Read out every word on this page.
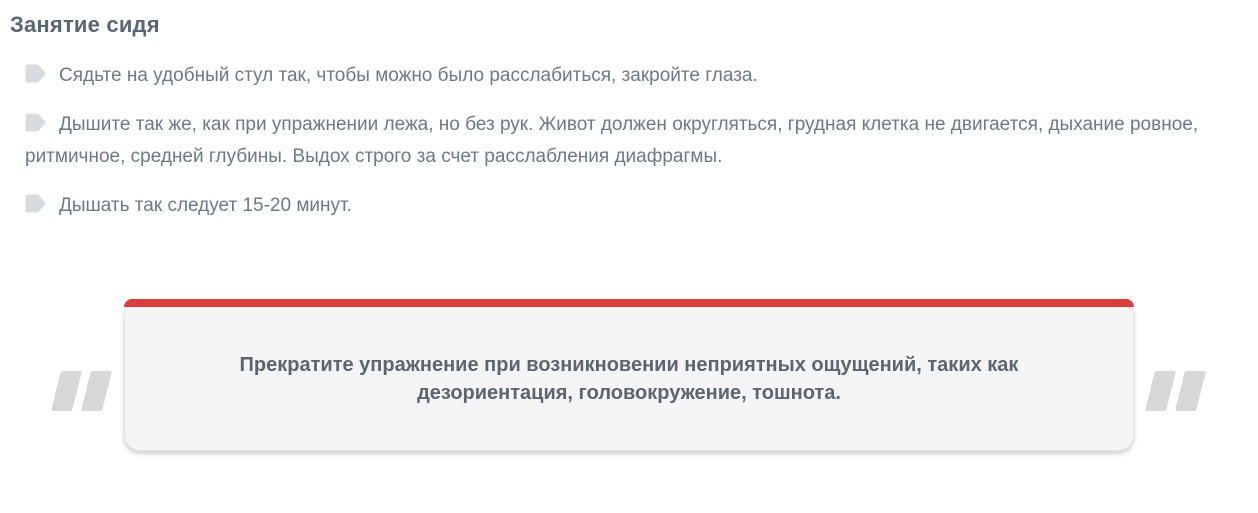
Занятие сидя

Сядьте на удобный стул так, чтобы можно было расслабиться, закройте глаза.

Дышите так же, как при упражнении лежа, но без рук. Живот должен округляться, грудная клетка не двигается, дыхание ровное, ритмичное, средней глубины. Выдох строго за счет расслабления диафрагмы.

Дышать так следует 15-20 минут.

Прекратите упражнение при возникновении неприятных ощущений, таких как дезориентация, головокружение, тошнота.
